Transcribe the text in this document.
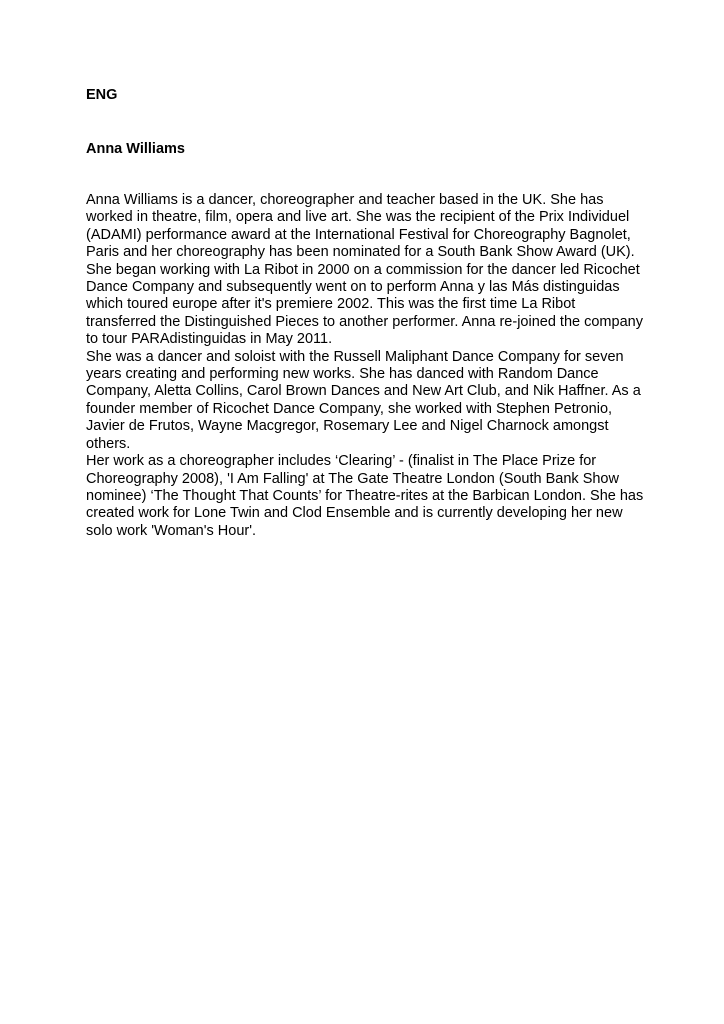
ENG
Anna Williams

Anna Williams is a dancer, choreographer and teacher based in the UK. She has worked in theatre, film, opera and live art. She was the recipient of the Prix Individuel (ADAMI) performance award at the International Festival for Choreography Bagnolet, Paris and her choreography has been nominated for a South Bank Show Award (UK).

She began working with La Ribot in 2000 on a commission for the dancer led Ricochet Dance Company and subsequently went on to perform Anna y las Más distinguidas which toured europe after it's premiere 2002. This was the first time La Ribot transferred the Distinguished Pieces to another performer. Anna re-joined the company to tour PARAdistinguidas in May 2011.

She was a dancer and soloist with the Russell Maliphant Dance Company for seven years creating and performing new works. She has danced with Random Dance Company, Aletta Collins, Carol Brown Dances and New Art Club, and Nik Haffner. As a founder member of Ricochet Dance Company, she worked with Stephen Petronio, Javier de Frutos, Wayne Macgregor, Rosemary Lee and Nigel Charnock amongst others.

Her work as a choreographer includes ‘Clearing’ - (finalist in The Place Prize for Choreography 2008), 'I Am Falling' at The Gate Theatre London (South Bank Show nominee) ‘The Thought That Counts’ for Theatre-rites at the Barbican London. She has created work for Lone Twin and Clod Ensemble and is currently developing her new solo work 'Woman's Hour'.
